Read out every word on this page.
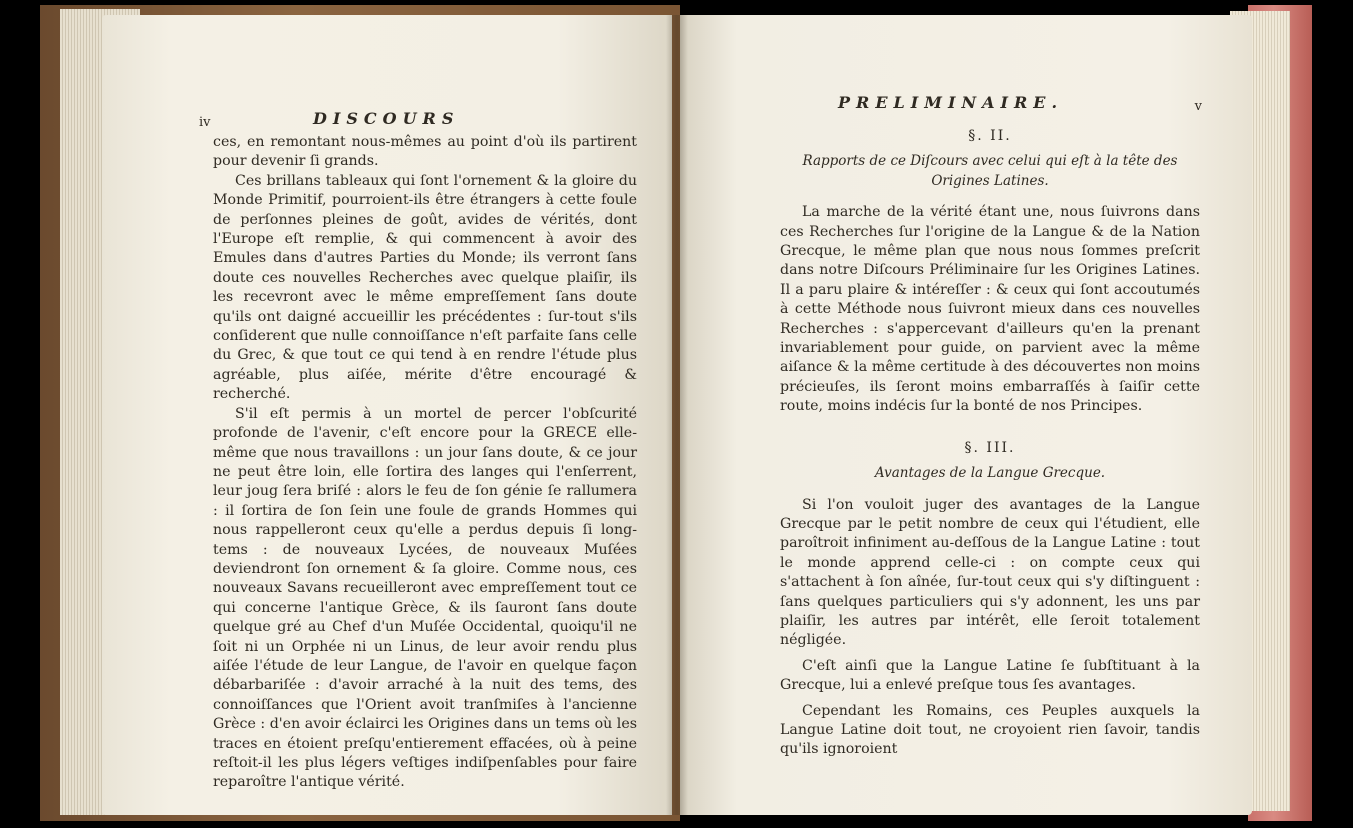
iv	DISCOURS

ces, en remontant nous-mêmes au point d'où ils partirent pour devenir ſi grands.

Ces brillans tableaux qui ſont l'ornement & la gloire du Monde Primitif, pourroient-ils être étrangers à cette foule de perſonnes pleines de goût, avides de vérités, dont l'Europe eſt remplie, & qui commencent à avoir des Emules dans d'autres Parties du Monde; ils verront ſans doute ces nouvelles Recherches avec quelque plaiſir, ils les recevront avec le même empreſſement ſans doute qu'ils ont daigné accueillir les précédentes : ſur-tout s'ils conſiderent que nulle connoiſſance n'eſt parfaite ſans celle du Grec, & que tout ce qui tend à en rendre l'étude plus agréable, plus aiſée, mérite d'être encouragé & recherché.

S'il eſt permis à un mortel de percer l'obſcurité profonde de l'avenir, c'eſt encore pour la GRECE elle-même que nous travaillons : un jour ſans doute, & ce jour ne peut être loin, elle ſortira des langes qui l'enſerrent, leur joug ſera briſé : alors le feu de ſon génie ſe rallumera : il ſortira de ſon ſein une foule de grands Hommes qui nous rappelleront ceux qu'elle a perdus depuis ſi long-tems : de nouveaux Lycées, de nouveaux Muſées deviendront ſon ornement & ſa gloire. Comme nous, ces nouveaux Savans recueilleront avec empreſſement tout ce qui concerne l'antique Grèce, & ils ſauront ſans doute quelque gré au Chef d'un Muſée Occidental, quoiqu'il ne ſoit ni un Orphée ni un Linus, de leur avoir rendu plus aiſée l'étude de leur Langue, de l'avoir en quelque façon débarbariſée : d'avoir arraché à la nuit des tems, des connoiſſances que l'Orient avoit tranſmiſes à l'ancienne Grèce : d'en avoir éclairci les Origines dans un tems où les traces en étoient preſqu'entierement effacées, où à peine reſtoit-il les plus légers veſtiges indiſpenſables pour faire reparoître l'antique vérité.

PRELIMINAIRE.	v
§. II.
Rapports de ce Diſcours avec celui qui eſt à la tête des Origines Latines.

La marche de la vérité étant une, nous ſuivrons dans ces Recherches ſur l'origine de la Langue & de la Nation Grecque, le même plan que nous nous ſommes preſcrit dans notre Diſcours Préliminaire ſur les Origines Latines. Il a paru plaire & intéreſſer : & ceux qui ſont accoutumés à cette Méthode nous ſuivront mieux dans ces nouvelles Recherches : s'appercevant d'ailleurs qu'en la prenant invariablement pour guide, on parvient avec la même aiſance & la même certitude à des découvertes non moins précieuſes, ils ſeront moins embarraſſés à ſaiſir cette route, moins indécis ſur la bonté de nos Principes.

§. III.
Avantages de la Langue Grecque.

Si l'on vouloit juger des avantages de la Langue Grecque par le petit nombre de ceux qui l'étudient, elle paroîtroit infiniment au-deſſous de la Langue Latine : tout le monde apprend celle-ci : on compte ceux qui s'attachent à ſon aînée, ſur-tout ceux qui s'y diſtinguent : ſans quelques particuliers qui s'y adonnent, les uns par plaiſir, les autres par intérêt, elle ſeroit totalement négligée.

C'eſt ainſi que la Langue Latine ſe ſubſtituant à la Grecque, lui a enlevé preſque tous ſes avantages.

Cependant les Romains, ces Peuples auxquels la Langue Latine doit tout, ne croyoient rien ſavoir, tandis qu'ils ignoroient
